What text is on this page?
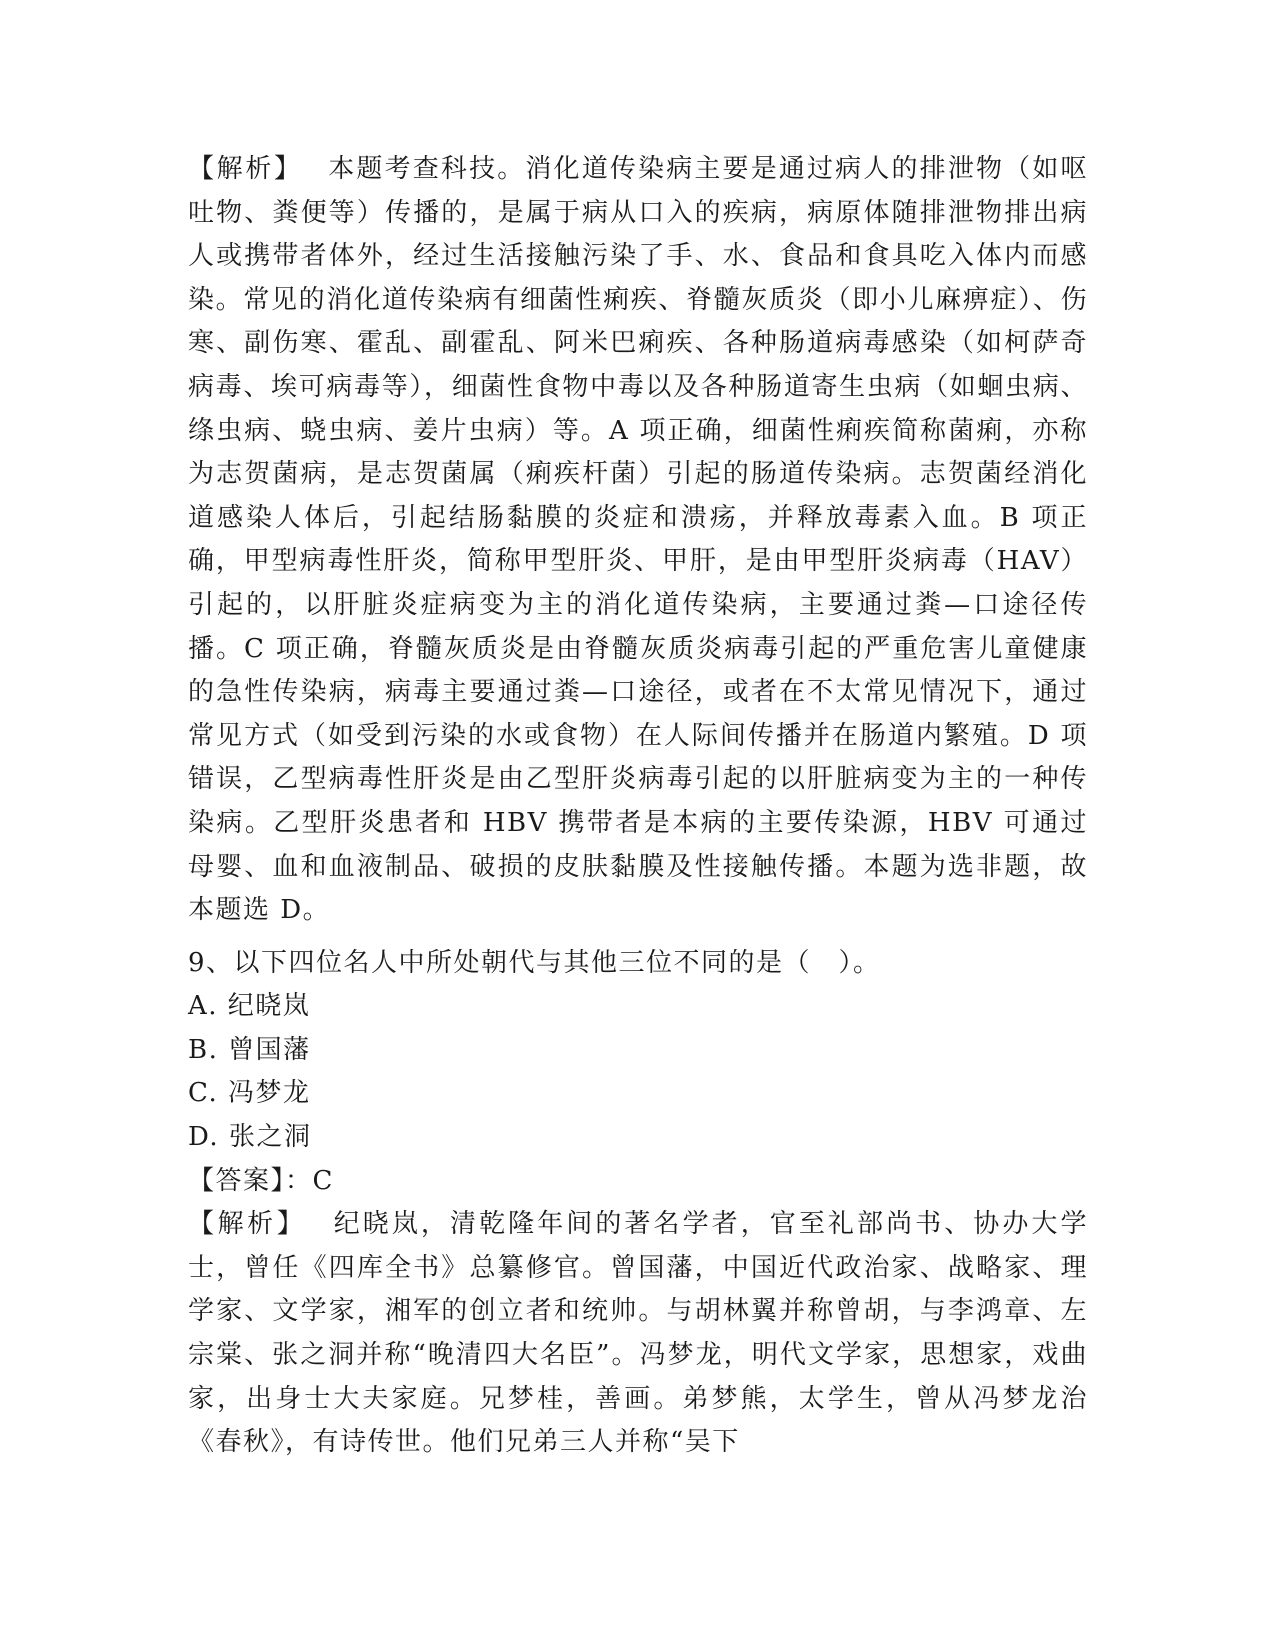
【解析】　 本题考查科技。消化道传染病主要是通过病人的排泄物（如呕吐物、粪便等）传播的，是属于病从口入的疾病，病原体随排泄物排出病人或携带者体外，经过生活接触污染了手、水、食品和食具吃入体内而感染。常见的消化道传染病有细菌性痢疾、脊髓灰质炎（即小儿麻痹症）、伤寒、副伤寒、霍乱、副霍乱、阿米巴痢疾、各种肠道病毒感染（如柯萨奇病毒、埃可病毒等），细菌性食物中毒以及各种肠道寄生虫病（如蛔虫病、绦虫病、蛲虫病、姜片虫病）等。A 项正确，细菌性痢疾简称菌痢，亦称为志贺菌病，是志贺菌属（痢疾杆菌）引起的肠道传染病。志贺菌经消化道感染人体后，引起结肠黏膜的炎症和溃疡，并释放毒素入血。B 项正确，甲型病毒性肝炎，简称甲型肝炎、甲肝，是由甲型肝炎病毒（HAV）引起的，以肝脏炎症病变为主的消化道传染病，主要通过粪—口途径传播。C 项正确，脊髓灰质炎是由脊髓灰质炎病毒引起的严重危害儿童健康的急性传染病，病毒主要通过粪—口途径，或者在不太常见情况下，通过常见方式（如受到污染的水或食物）在人际间传播并在肠道内繁殖。D 项错误，乙型病毒性肝炎是由乙型肝炎病毒引起的以肝脏病变为主的一种传染病。乙型肝炎患者和 HBV 携带者是本病的主要传染源，HBV 可通过母婴、血和血液制品、破损的皮肤黏膜及性接触传播。本题为选非题，故本题选 D。

9、以下四位名人中所处朝代与其他三位不同的是（　）。

A. 纪晓岚

B. 曾国藩

C. 冯梦龙

D. 张之洞

【答案】：C

【解析】　 纪晓岚，清乾隆年间的著名学者，官至礼部尚书、协办大学士，曾任《四库全书》总纂修官。曾国藩，中国近代政治家、战略家、理学家、文学家，湘军的创立者和统帅。与胡林翼并称曾胡，与李鸿章、左宗棠、张之洞并称“晚清四大名臣”。冯梦龙，明代文学家，思想家，戏曲家，出身士大夫家庭。兄梦桂，善画。弟梦熊，太学生，曾从冯梦龙治《春秋》，有诗传世。他们兄弟三人并称“吴下
